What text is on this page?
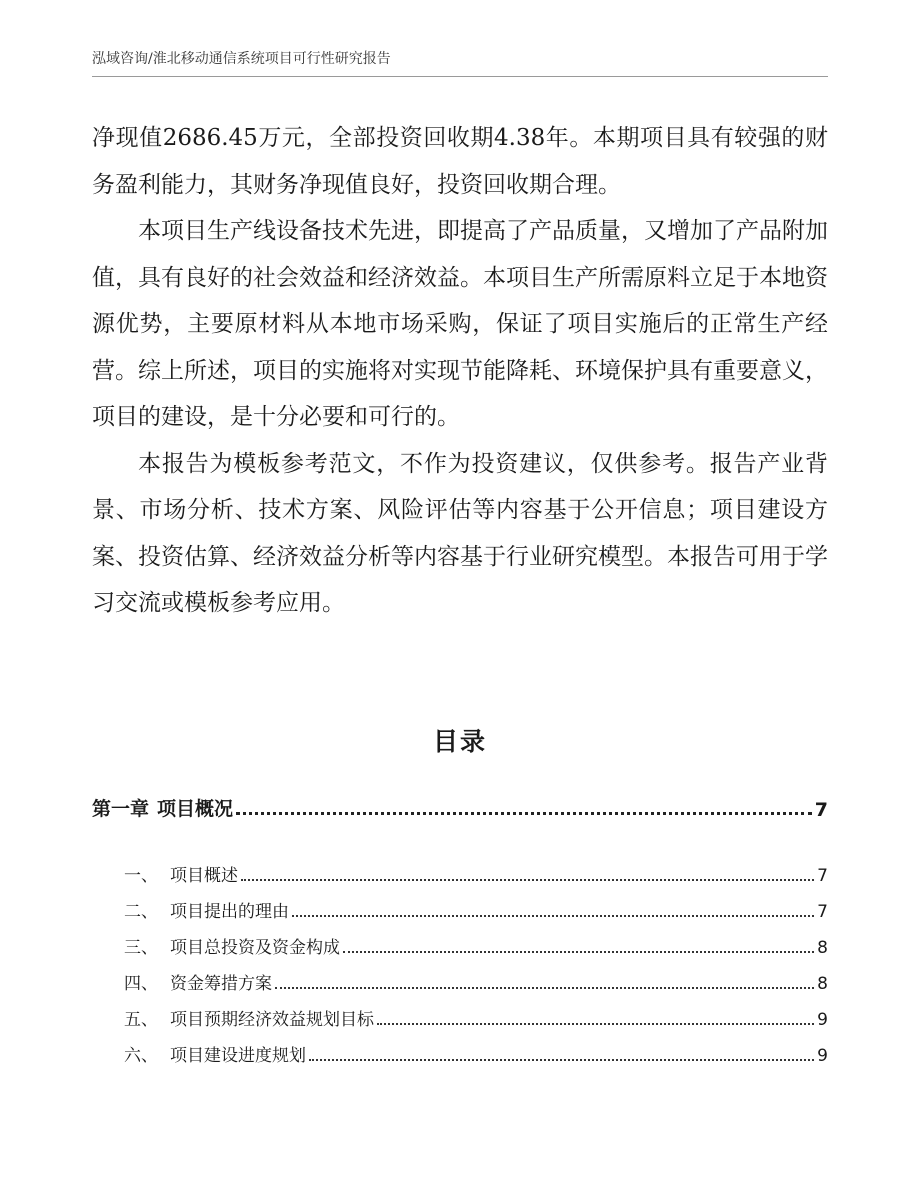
泓域咨询/淮北移动通信系统项目可行性研究报告

净现值2686.45万元，全部投资回收期4.38年。本期项目具有较强的财务盈利能力，其财务净现值良好，投资回收期合理。

本项目生产线设备技术先进，即提高了产品质量，又增加了产品附加值，具有良好的社会效益和经济效益。本项目生产所需原料立足于本地资源优势，主要原材料从本地市场采购，保证了项目实施后的正常生产经营。综上所述，项目的实施将对实现节能降耗、环境保护具有重要意义，项目的建设，是十分必要和可行的。

本报告为模板参考范文，不作为投资建议，仅供参考。报告产业背景、市场分析、技术方案、风险评估等内容基于公开信息；项目建设方案、投资估算、经济效益分析等内容基于行业研究模型。本报告可用于学习交流或模板参考应用。

目录
第一章 项目概况	7
一、 项目概述	7
二、 项目提出的理由	7
三、 项目总投资及资金构成	8
四、 资金筹措方案	8
五、 项目预期经济效益规划目标	9
六、 项目建设进度规划	9
